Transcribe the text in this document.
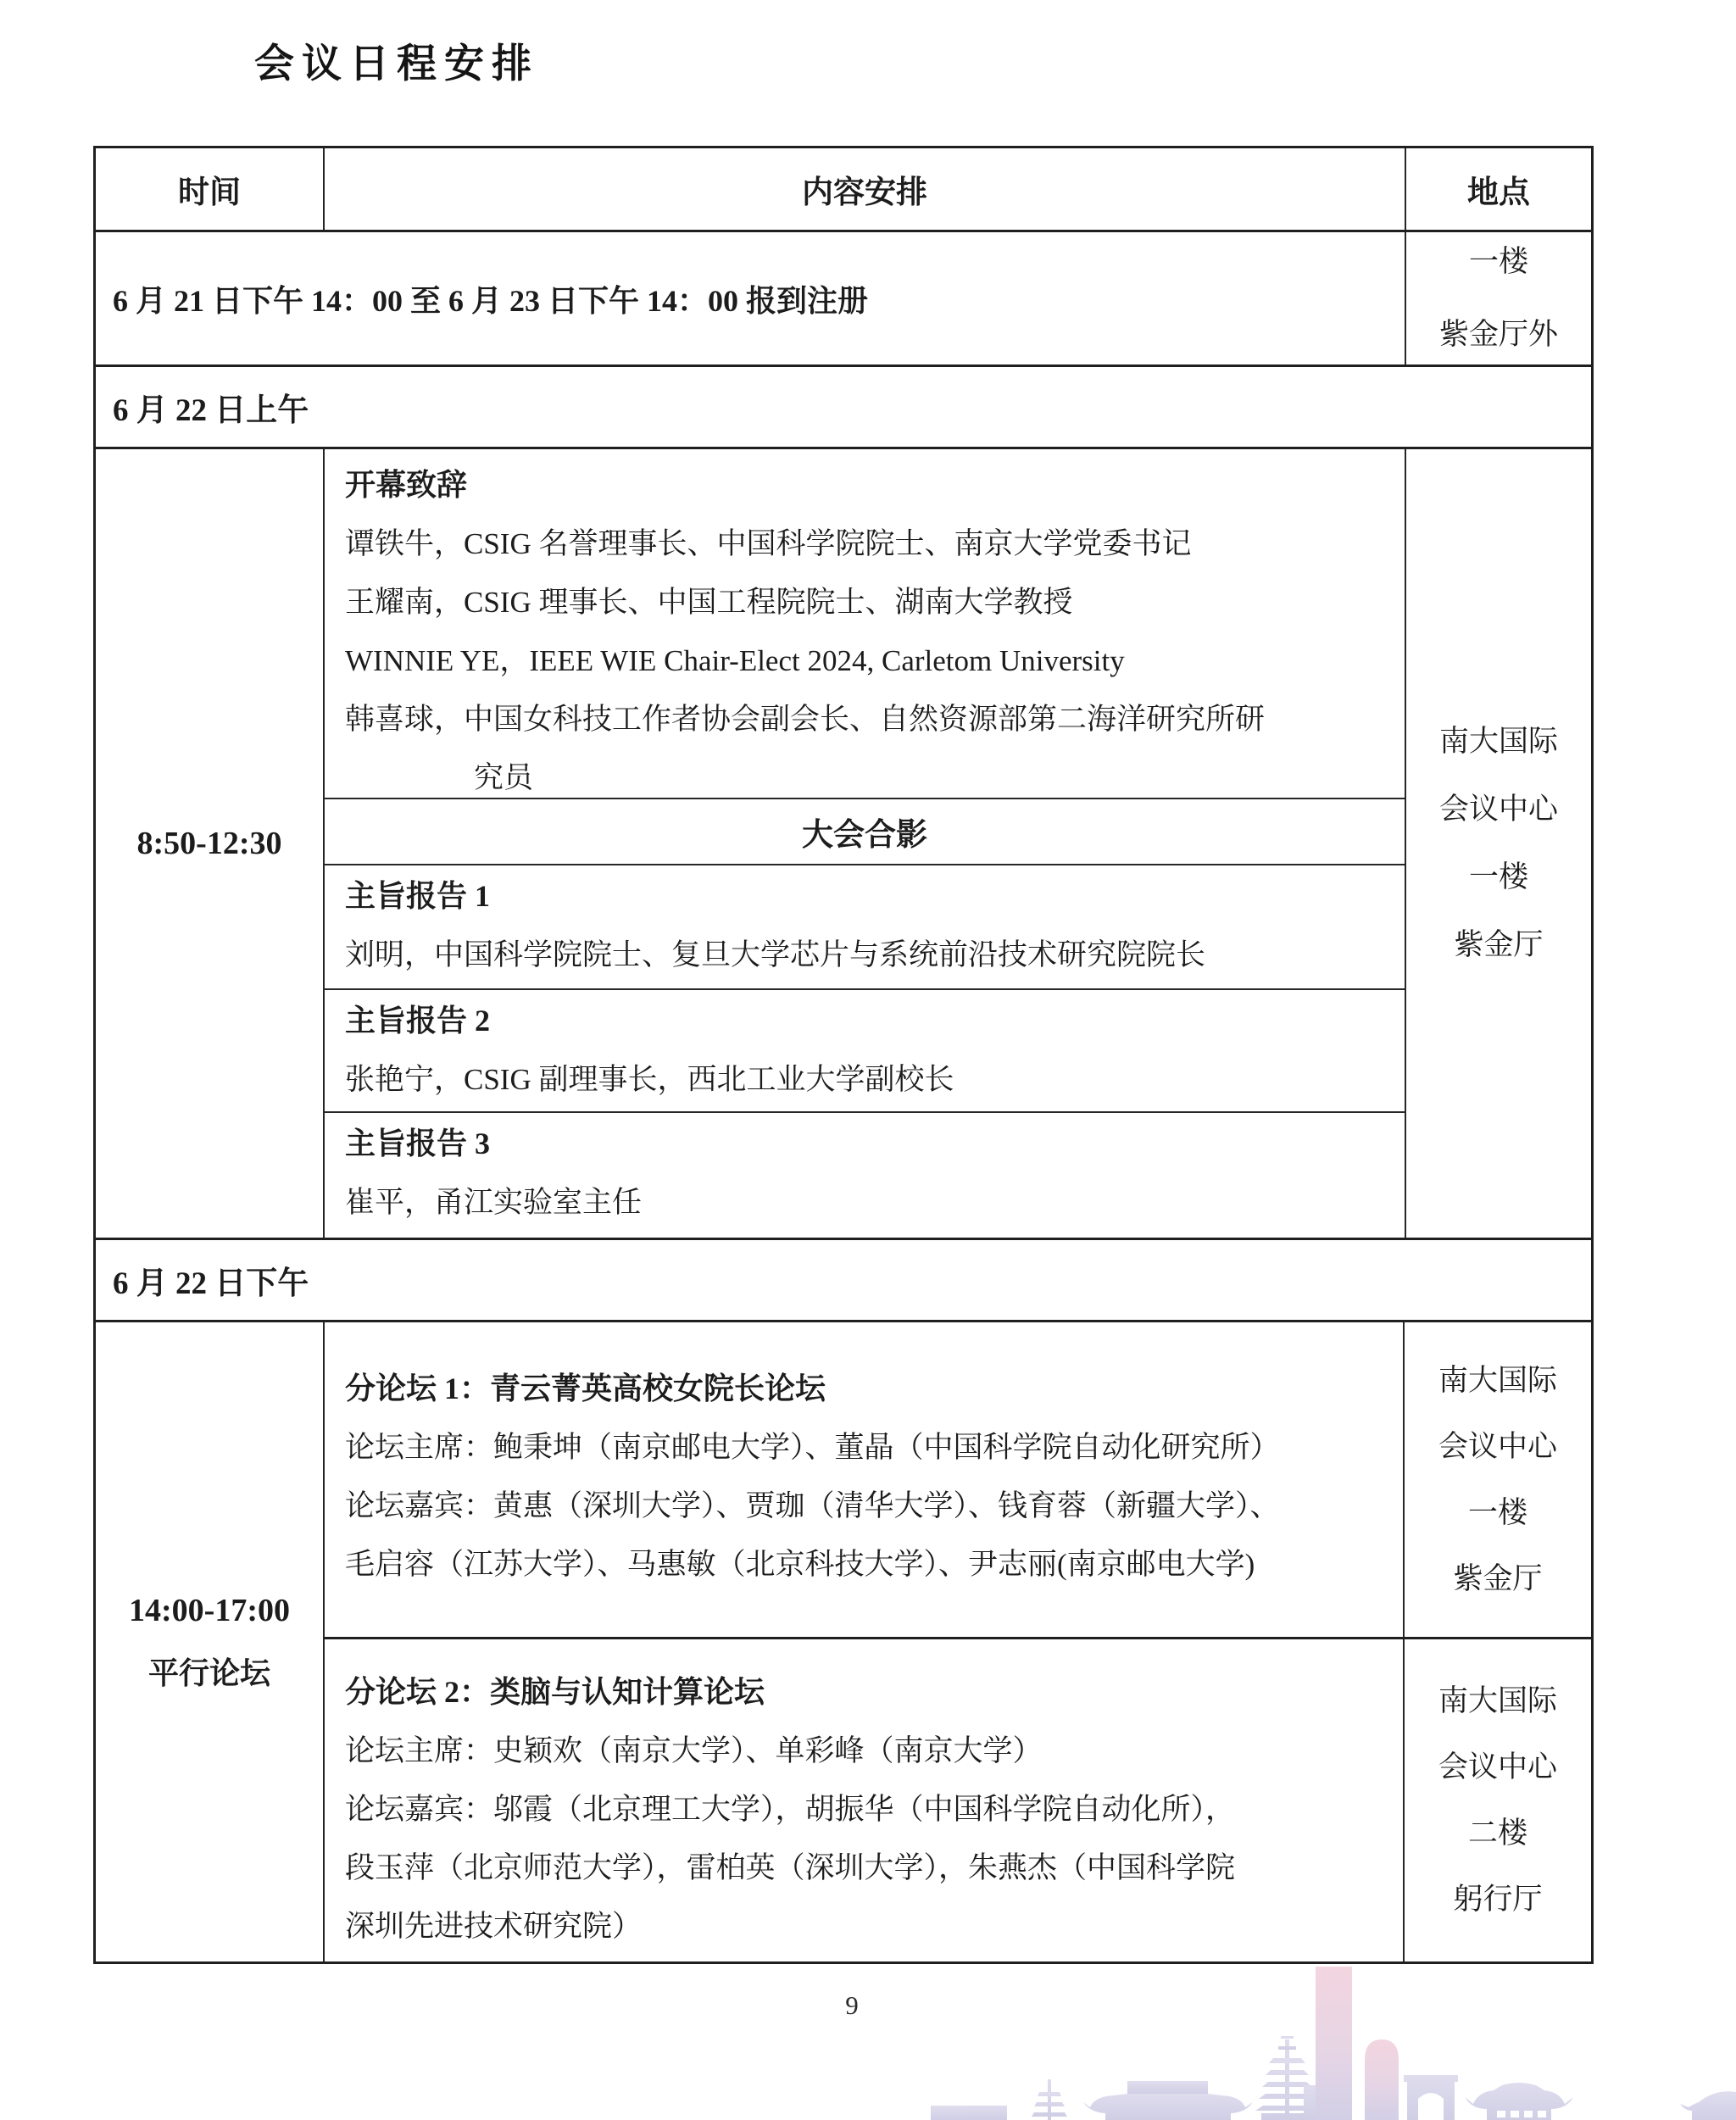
会议日程安排
时间	内容安排	地点
6 月 21 日下午 14：00 至 6 月 23 日下午 14：00 报到注册
一楼
紫金厅外
6 月 22 日上午
8:50-12:30
开幕致辞
谭铁牛，CSIG 名誉理事长、中国科学院院士、南京大学党委书记
王耀南，CSIG 理事长、中国工程院院士、湖南大学教授
WINNIE YE，IEEE WIE Chair-Elect 2024, Carletom University
韩喜球，中国女科技工作者协会副会长、自然资源部第二海洋研究所研
究员
大会合影
主旨报告 1
刘明，中国科学院院士、复旦大学芯片与系统前沿技术研究院院长
主旨报告 2
张艳宁，CSIG 副理事长，西北工业大学副校长
主旨报告 3
崔平，甬江实验室主任
南大国际
会议中心
一楼
紫金厅
6 月 22 日下午
14:00-17:00
平行论坛
分论坛 1：青云菁英高校女院长论坛
论坛主席：鲍秉坤（南京邮电大学）、董晶（中国科学院自动化研究所）
论坛嘉宾：黄惠（深圳大学）、贾珈（清华大学）、钱育蓉（新疆大学）、
毛启容（江苏大学）、马惠敏（北京科技大学）、尹志丽(南京邮电大学)
南大国际
会议中心
一楼
紫金厅
分论坛 2：类脑与认知计算论坛
论坛主席：史颖欢（南京大学）、单彩峰（南京大学）
论坛嘉宾：邬霞（北京理工大学），胡振华（中国科学院自动化所），
段玉萍（北京师范大学），雷柏英（深圳大学），朱燕杰（中国科学院
深圳先进技术研究院）
南大国际
会议中心
二楼
躬行厅
9
